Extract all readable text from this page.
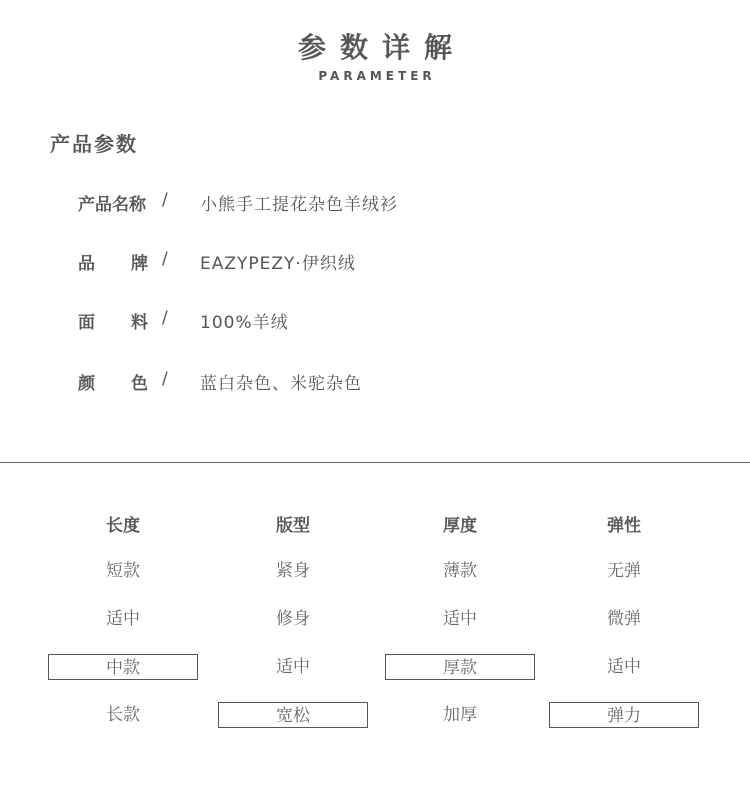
参数详解
PARAMETER
产品参数
产品名称 / 小熊手工提花杂色羊绒衫
品 牌 / EAZYPEZY·伊织绒
面 料 / 100%羊绒
颜 色 / 蓝白杂色、米驼杂色
长度
短款
适中
中款
长款
版型
紧身
修身
适中
宽松
厚度
薄款
适中
厚款
加厚
弹性
无弹
微弹
适中
弹力
